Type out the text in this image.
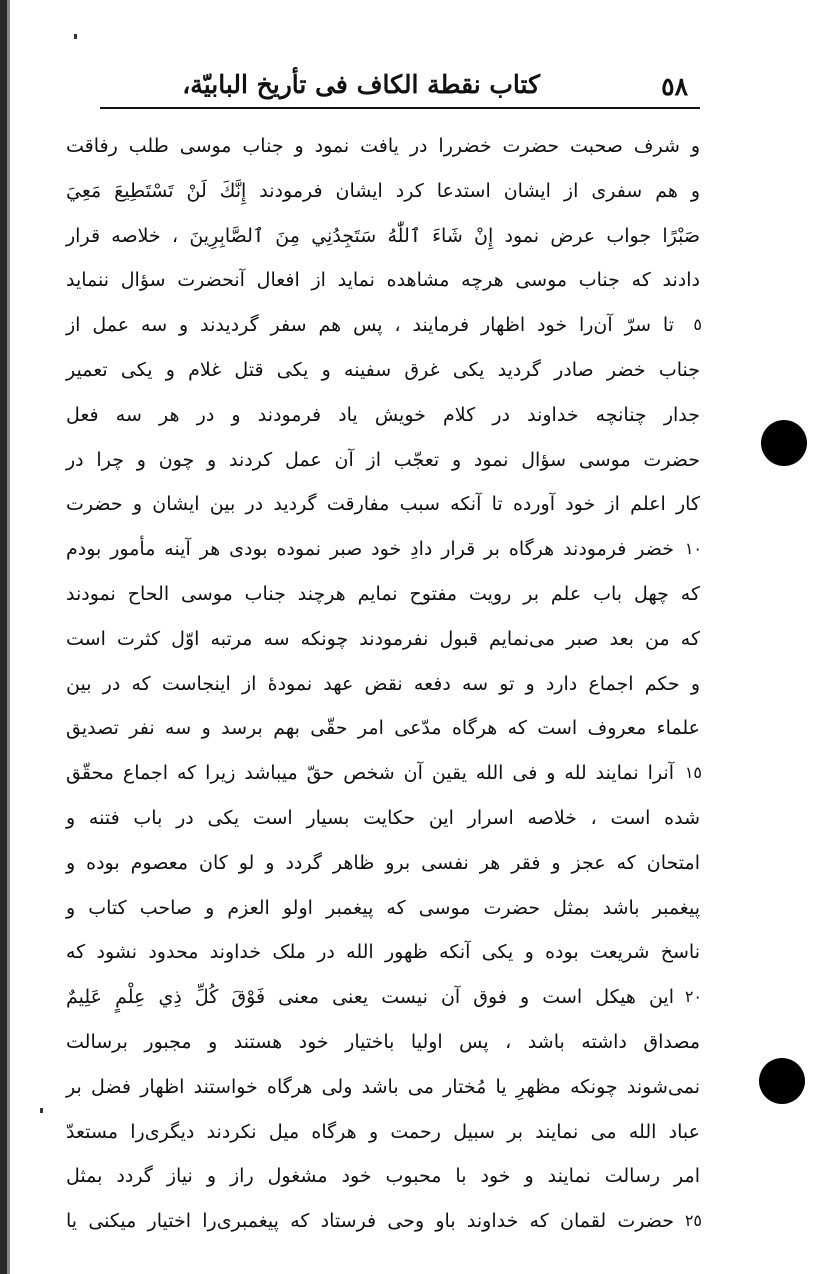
کتاب نقطة الکاف فی تأریخ البابیّة،	٥٨
و شرف صحبت حضرت خضررا در یافت نمود و جناب موسی طلب رفاقت
و هم سفری از ایشان استدعا کرد ایشان فرمودند إِنَّكَ لَنْ تَسْتَطِيعَ مَعِيَ
صَبْرًا جواب عرض نمود إِنْ شَاءَ ٱللّٰهُ سَتَجِدُنِي مِنَ ٱلصَّابِرِينَ ، خلاصه قرار
دادند که جناب موسی هرچه مشاهده نماید از افعال آنحضرت سؤال ننماید
٥
تا سرّ آن‌را خود اظهار فرمایند ، پس هم سفر گردیدند و سه عمل از
جناب خضر صادر گردید یکی غرق سفینه و یکی قتل غلام و یکی تعمیر
جدار چنانچه خداوند در کلام خویش یاد فرمودند و در هر سه فعل
حضرت موسی سؤال نمود و تعجّب از آن عمل کردند و چون و چرا در
کار اعلم از خود آورده تا آنکه سبب مفارقت گردید در بین ایشان و حضرت
١٠
خضر فرمودند هرگاه بر قرار دادِ خود صبر نموده بودی هر آینه مأمور بودم
که چهل باب علم بر رویت مفتوح نمایم هرچند جناب موسی الحاح نمودند
که من بعد صبر می‌نمایم قبول نفرمودند چونکه سه مرتبه اوّل کثرت است
و حکم اجماع دارد و تو سه دفعه نقض عهد نمودهٔ از اینجاست که در بین
علماء معروف است که هرگاه مدّعی امر حقّی بهم برسد و سه نفر تصدیق
١٥
آنرا نمایند لله و فی الله یقین آن شخص حقّ میباشد زیرا که اجماع محقّق
شده است ، خلاصه اسرار این حکایت بسیار است یکی در باب فتنه و
امتحان که عجز و فقر هر نفسی برو ظاهر گردد و لو کان معصوم بوده و
پیغمبر باشد بمثل حضرت موسی که پیغمبر اولو العزم و صاحب کتاب و
ناسخ شریعت بوده و یکی آنکه ظهور الله در ملک خداوند محدود نشود که
٢٠
این هیکل است و فوق آن نیست یعنی معنی فَوْقَ كُلِّ ذِي عِلْمٍ عَلِيمٌ
مصداق داشته باشد ، پس اولیا باختیار خود هستند و مجبور برسالت
نمی‌شوند چونکه مظهرِ یا مُختار می باشد ولی هرگاه خواستند اظهار فضل بر
عباد الله می نمایند بر سبیل رحمت و هرگاه میل نکردند دیگری‌را مستعدّ
امر رسالت نمایند و خود با محبوب خود مشغول راز و نیاز گردد بمثل
٢٥
حضرت لقمان که خداوند باو وحی فرستاد که پیغمبری‌را اختیار میکنی یا
